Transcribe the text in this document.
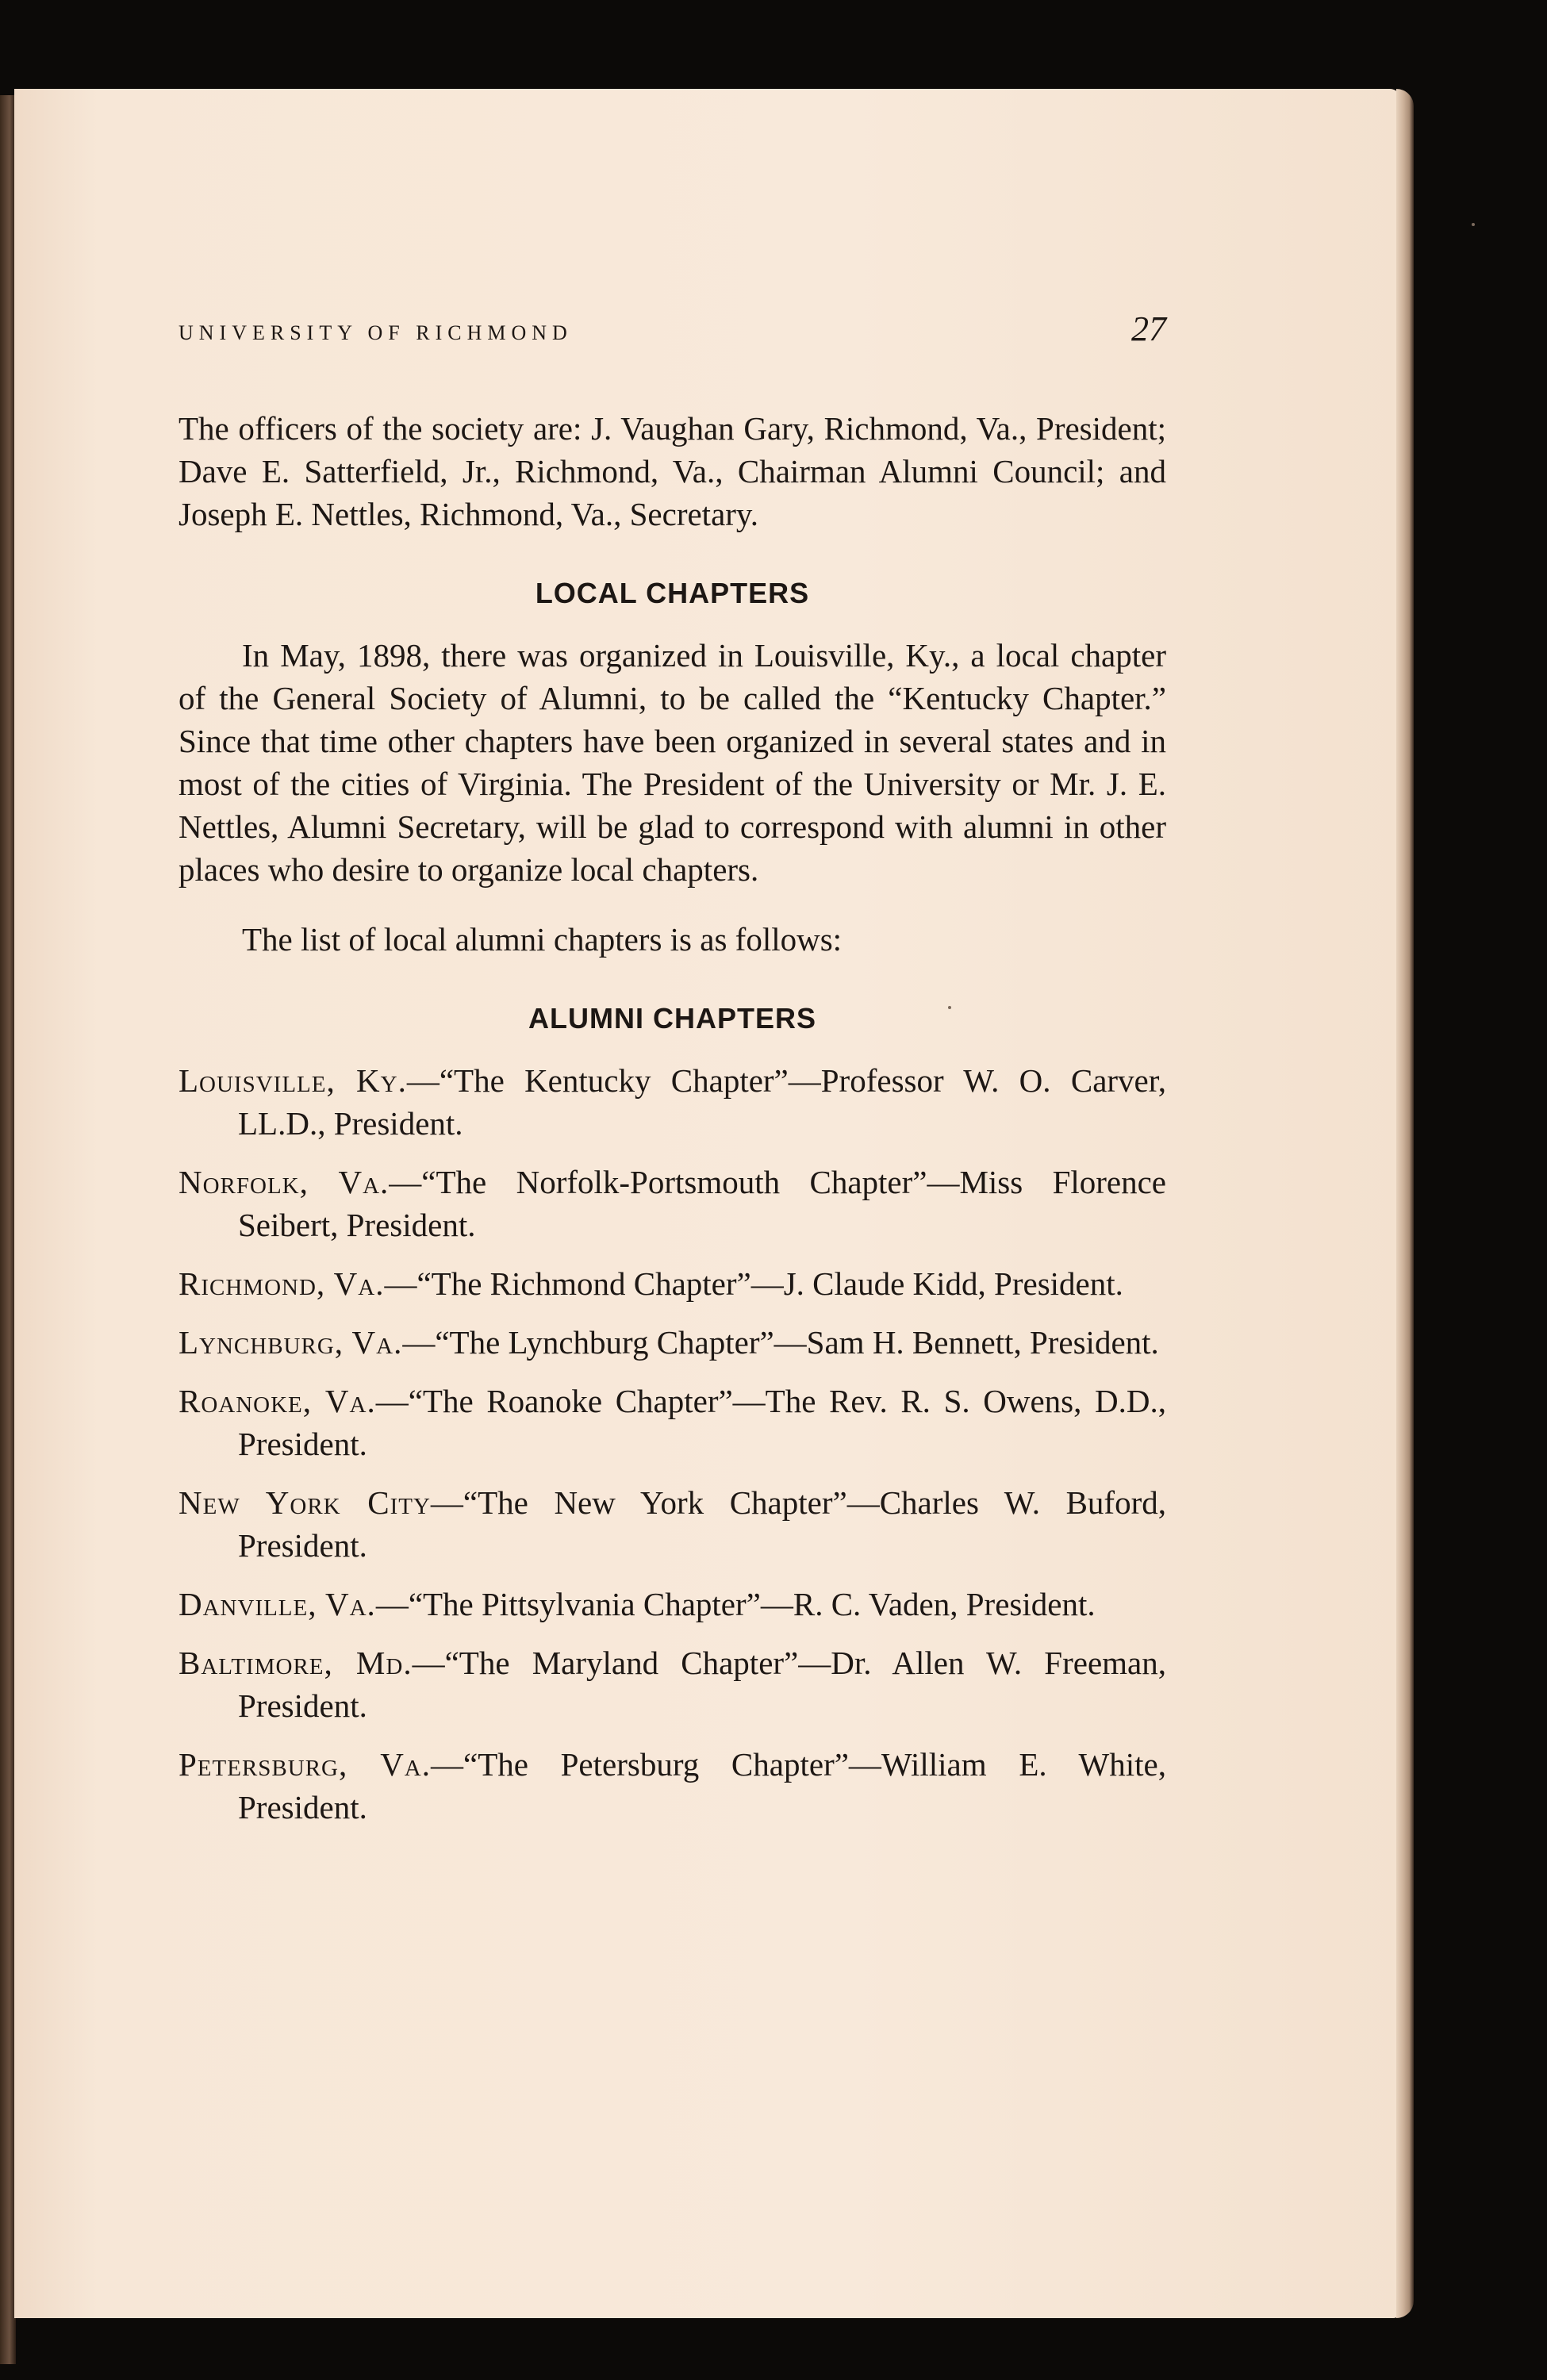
UNIVERSITY OF RICHMOND	27

The officers of the society are: J. Vaughan Gary, Richmond, Va., President; Dave E. Satterfield, Jr., Richmond, Va., Chairman Alumni Council; and Joseph E. Nettles, Richmond, Va., Secretary.

LOCAL CHAPTERS

In May, 1898, there was organized in Louisville, Ky., a local chapter of the General Society of Alumni, to be called the “Kentucky Chapter.” Since that time other chapters have been organized in several states and in most of the cities of Virginia. The President of the University or Mr. J. E. Nettles, Alumni Secretary, will be glad to correspond with alumni in other places who desire to organize local chapters.

The list of local alumni chapters is as follows:

ALUMNI CHAPTERS
Louisville, Ky.—“The Kentucky Chapter”—Professor W. O. Carver, LL.D., President.
Norfolk, Va.—“The Norfolk-Portsmouth Chapter”—Miss Florence Seibert, President.
Richmond, Va.—“The Richmond Chapter”—J. Claude Kidd, President.
Lynchburg, Va.—“The Lynchburg Chapter”—Sam H. Bennett, President.
Roanoke, Va.—“The Roanoke Chapter”—The Rev. R. S. Owens, D.D., President.
New York City—“The New York Chapter”—Charles W. Buford, President.
Danville, Va.—“The Pittsylvania Chapter”—R. C. Vaden, President.
Baltimore, Md.—“The Maryland Chapter”—Dr. Allen W. Freeman, President.
Petersburg, Va.—“The Petersburg Chapter”—William E. White, President.
